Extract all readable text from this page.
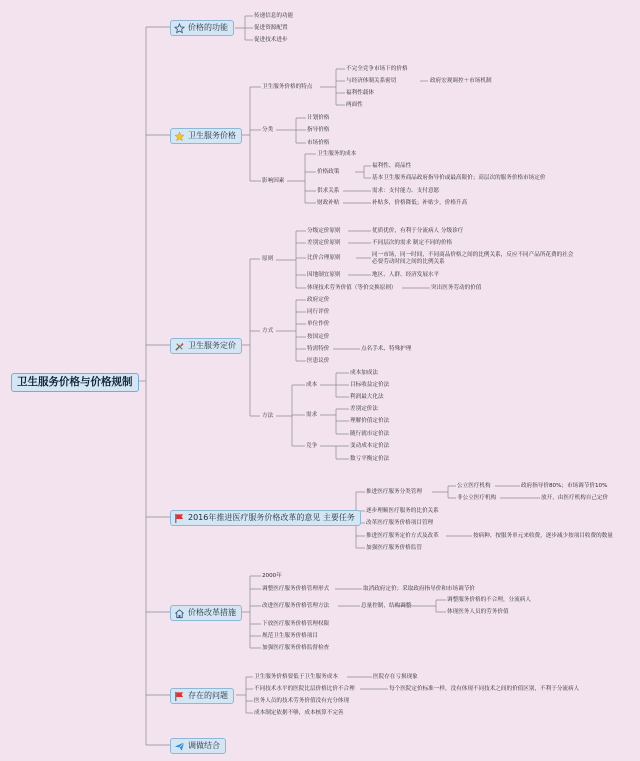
卫生服务价格与价格规制
价格的功能
传递信息的功能
促进资源配置
促进技术进步
卫生服务价格
卫生服务价格的特点
不完全竞争市场下的价格
与经济体制关系密切
福利性载体
两面性
政府宏观调控＋市场机制
分类
计划价格
指导价格
市场价格
影响因素
卫生服务的成本
价格政策
福利性、商品性
基本卫生服务商品政府指导价或最高限价；高层次的服务价格市场定价
供求关系	需求：支付能力、支付意愿
财政补贴	补贴多，价格降低；补贴少，价格升高
卫生服务定价
原则
分级定价原则
差别定价原则
比价合理原则
因地制宜原则
体现技术劳务价值（等价交换原则）
优质优价，有利于分流病人 分级诊疗
不同层次的需求 制定不同的价格
同一市场，同一时间，不同商品价格之间的比例关系，反应不同产品所花费的社会必要劳动时间之间的比例关系
地区、人群、经济发展水平
突出医务劳动的价值
方式
政府定价
同行评价
单位作价
按国定价
特需特价
医患议价
点名手术、特殊护理
方法
成本
成本加成法
目标收益定价法
利润最大化法
需求
差别定价法
理解价值定价法
随行就市定价法
竞争	变动成本定价法
数亏平衡定价法
2016年推进医疗服务价格改革的意见 主要任务
推进医疗服务分类管理
逐步理顺医疗服务的比价关系
改革医疗服务价格项目管理
推进医疗服务定价方式及改革
加强医疗服务价格监管
公立医疗机构	政府指导价80%；市场调节价10%
非公立医疗机构	放开，由医疗机构自己定价
按病种、按服务单元来收费，逐步减少按项目收费的数量
价格改革措施
2000年
调整医疗服务价格管理形式
改进医疗服务价格管理方法
下放医疗服务价格管理权限
规范卫生服务价格项目
加强医疗服务价格监督检查
取消政府定价；采取政府指导价和市场调节价
总量控制，结构调整
调整服务价格的不合理，分流病人
体现医务人员的劳务价值
存在的问题
卫生服务价格要低于卫生服务成本
不同技术水平的医院比层价格比价不合理
医务人员的技术劳务价值没有充分体现
成本制定依据不够，成本核算不完善
医院存在亏损现象
每个医院定价标准一样，没有体现不同技术之间的价值区别，不利于分流病人
调做结合
